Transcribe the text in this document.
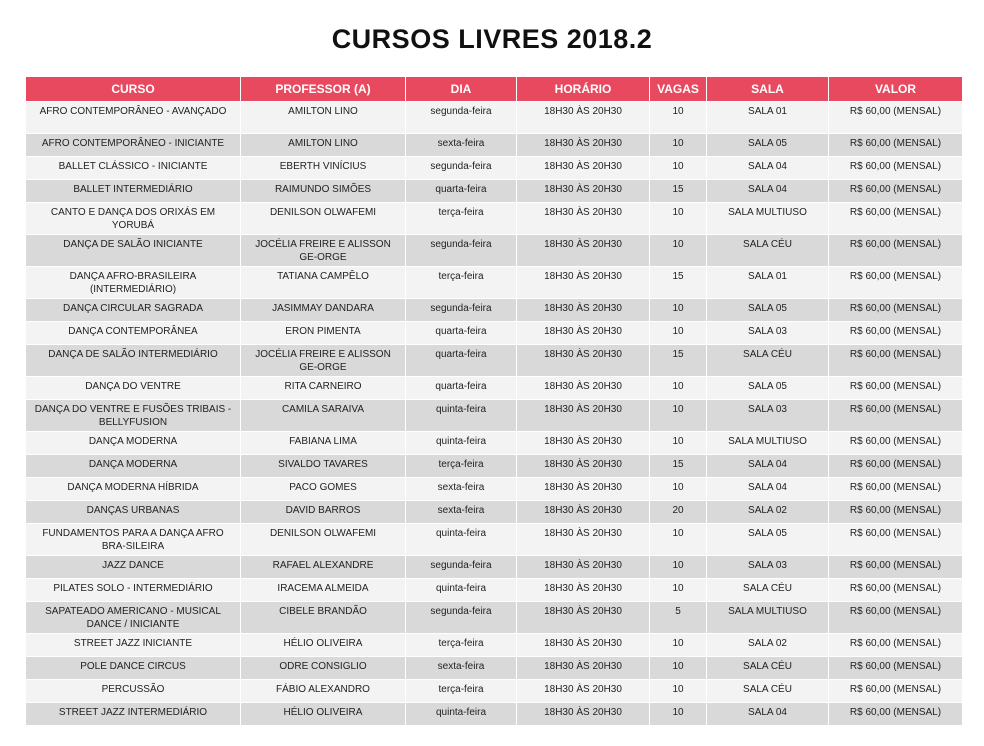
CURSOS LIVRES 2018.2
CURSO	PROFESSOR (A)	DIA	HORÁRIO	VAGAS	SALA	VALOR
AFRO CONTEMPORÂNEO - AVANÇADO	AMILTON LINO	segunda-feira	18H30 ÀS 20H30	10	SALA 01	R$ 60,00 (MENSAL)
AFRO CONTEMPORÂNEO - INICIANTE	AMILTON LINO	sexta-feira	18H30 ÀS 20H30	10	SALA 05	R$ 60,00 (MENSAL)
BALLET CLÁSSICO - INICIANTE	EBERTH VINÍCIUS	segunda-feira	18H30 ÀS 20H30	10	SALA 04	R$ 60,00 (MENSAL)
BALLET INTERMEDIÁRIO	RAIMUNDO SIMÕES	quarta-feira	18H30 ÀS 20H30	15	SALA 04	R$ 60,00 (MENSAL)
CANTO E DANÇA DOS ORIXÁS EM YORUBÁ	DENILSON OLWAFEMI	terça-feira	18H30 ÀS 20H30	10	SALA MULTIUSO	R$ 60,00 (MENSAL)
DANÇA DE SALÃO INICIANTE	JOCÉLIA FREIRE E ALISSON GE-ORGE	segunda-feira	18H30 ÀS 20H30	10	SALA CÉU	R$ 60,00 (MENSAL)
DANÇA AFRO-BRASILEIRA (INTERMEDIÁRIO)	TATIANA CAMPÊLO	terça-feira	18H30 ÀS 20H30	15	SALA 01	R$ 60,00 (MENSAL)
DANÇA CIRCULAR SAGRADA	JASIMMAY DANDARA	segunda-feira	18H30 ÀS 20H30	10	SALA 05	R$ 60,00 (MENSAL)
DANÇA CONTEMPORÂNEA	ERON PIMENTA	quarta-feira	18H30 ÀS 20H30	10	SALA 03	R$ 60,00 (MENSAL)
DANÇA DE SALÃO INTERMEDIÁRIO	JOCÉLIA FREIRE E ALISSON GE-ORGE	quarta-feira	18H30 ÀS 20H30	15	SALA CÉU	R$ 60,00 (MENSAL)
DANÇA DO VENTRE	RITA CARNEIRO	quarta-feira	18H30 ÀS 20H30	10	SALA 05	R$ 60,00 (MENSAL)
DANÇA DO VENTRE E FUSÕES TRIBAIS - BELLYFUSION	CAMILA SARAIVA	quinta-feira	18H30 ÀS 20H30	10	SALA 03	R$ 60,00 (MENSAL)
DANÇA MODERNA	FABIANA LIMA	quinta-feira	18H30 ÀS 20H30	10	SALA MULTIUSO	R$ 60,00 (MENSAL)
DANÇA MODERNA	SIVALDO TAVARES	terça-feira	18H30 ÀS 20H30	15	SALA 04	R$ 60,00 (MENSAL)
DANÇA MODERNA HÍBRIDA	PACO GOMES	sexta-feira	18H30 ÀS 20H30	10	SALA 04	R$ 60,00 (MENSAL)
DANÇAS URBANAS	DAVID BARROS	sexta-feira	18H30 ÀS 20H30	20	SALA 02	R$ 60,00 (MENSAL)
FUNDAMENTOS PARA A DANÇA AFRO BRA-SILEIRA	DENILSON OLWAFEMI	quinta-feira	18H30 ÀS 20H30	10	SALA 05	R$ 60,00 (MENSAL)
JAZZ DANCE	RAFAEL ALEXANDRE	segunda-feira	18H30 ÀS 20H30	10	SALA 03	R$ 60,00 (MENSAL)
PILATES SOLO - INTERMEDIÁRIO	IRACEMA ALMEIDA	quinta-feira	18H30 ÀS 20H30	10	SALA CÉU	R$ 60,00 (MENSAL)
SAPATEADO AMERICANO - MUSICAL DANCE / INICIANTE	CIBELE BRANDÃO	segunda-feira	18H30 ÀS 20H30	5	SALA MULTIUSO	R$ 60,00 (MENSAL)
STREET JAZZ INICIANTE	HÉLIO OLIVEIRA	terça-feira	18H30 ÀS 20H30	10	SALA 02	R$ 60,00 (MENSAL)
POLE DANCE CIRCUS	ODRE CONSIGLIO	sexta-feira	18H30 ÀS 20H30	10	SALA CÉU	R$ 60,00 (MENSAL)
PERCUSSÃO	FÁBIO ALEXANDRO	terça-feira	18H30 ÀS 20H30	10	SALA CÉU	R$ 60,00 (MENSAL)
STREET JAZZ INTERMEDIÁRIO	HÉLIO OLIVEIRA	quinta-feira	18H30 ÀS 20H30	10	SALA 04	R$ 60,00 (MENSAL)
